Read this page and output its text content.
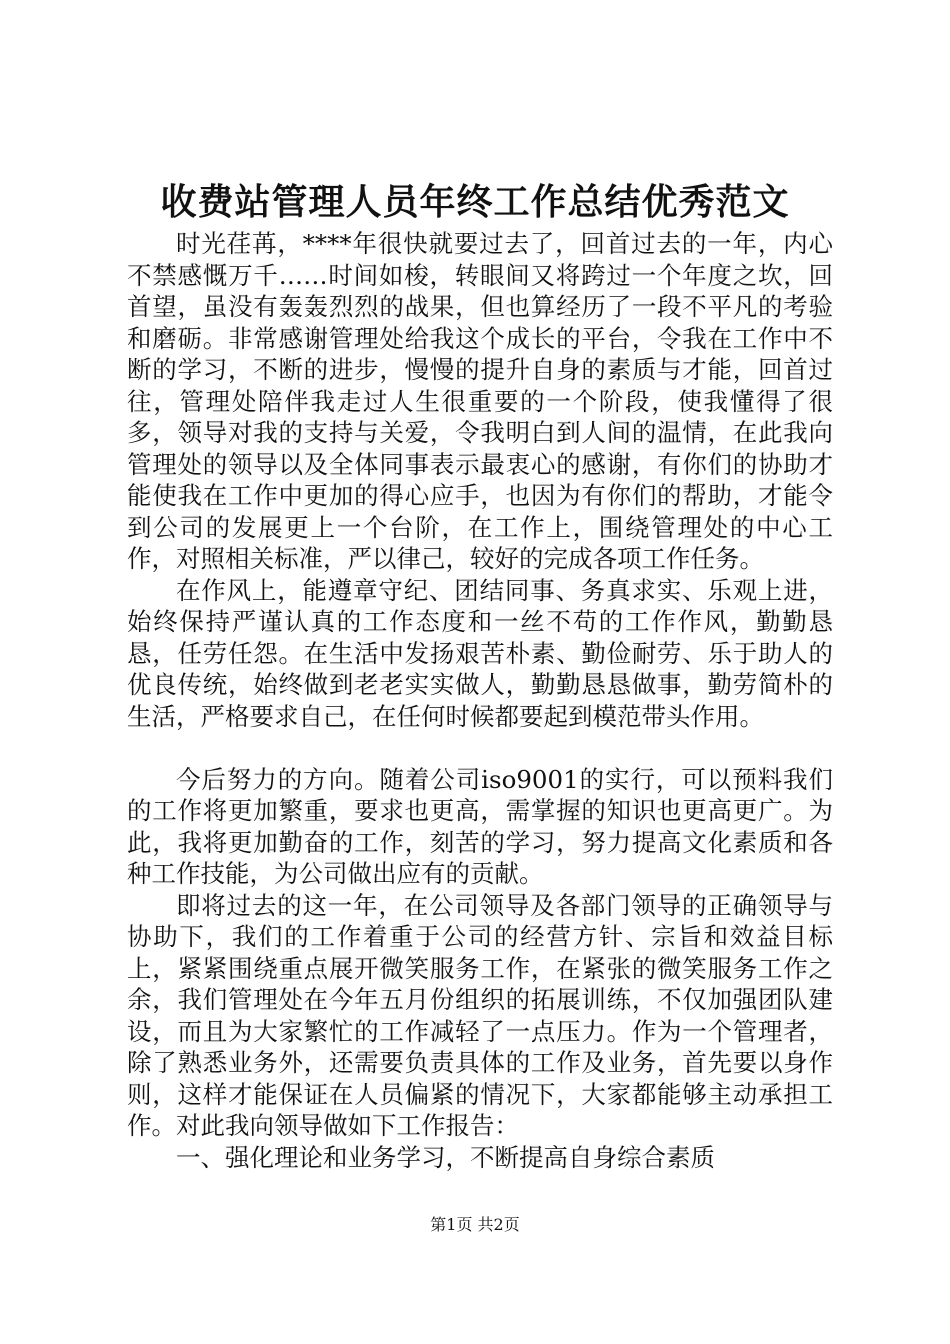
收费站管理人员年终工作总结优秀范文

时光荏苒，****年很快就要过去了，回首过去的一年，内心不禁感慨万千……时间如梭，转眼间又将跨过一个年度之坎，回首望，虽没有轰轰烈烈的战果，但也算经历了一段不平凡的考验和磨砺。非常感谢管理处给我这个成长的平台，令我在工作中不断的学习，不断的进步，慢慢的提升自身的素质与才能，回首过往，管理处陪伴我走过人生很重要的一个阶段，使我懂得了很多，领导对我的支持与关爱，令我明白到人间的温情，在此我向管理处的领导以及全体同事表示最衷心的感谢，有你们的协助才能使我在工作中更加的得心应手，也因为有你们的帮助，才能令到公司的发展更上一个台阶，在工作上，围绕管理处的中心工作，对照相关标准，严以律己，较好的完成各项工作任务。

在作风上，能遵章守纪、团结同事、务真求实、乐观上进，始终保持严谨认真的工作态度和一丝不苟的工作作风，勤勤恳恳，任劳任怨。在生活中发扬艰苦朴素、勤俭耐劳、乐于助人的优良传统，始终做到老老实实做人，勤勤恳恳做事，勤劳简朴的生活，严格要求自己，在任何时候都要起到模范带头作用。

今后努力的方向。随着公司iso9001的实行，可以预料我们的工作将更加繁重，要求也更高，需掌握的知识也更高更广。为此，我将更加勤奋的工作，刻苦的学习，努力提高文化素质和各种工作技能，为公司做出应有的贡献。

即将过去的这一年，在公司领导及各部门领导的正确领导与协助下，我们的工作着重于公司的经营方针、宗旨和效益目标上，紧紧围绕重点展开微笑服务工作，在紧张的微笑服务工作之余，我们管理处在今年五月份组织的拓展训练，不仅加强团队建设，而且为大家繁忙的工作减轻了一点压力。作为一个管理者，除了熟悉业务外，还需要负责具体的工作及业务，首先要以身作则，这样才能保证在人员偏紧的情况下，大家都能够主动承担工作。对此我向领导做如下工作报告：

一、强化理论和业务学习，不断提高自身综合素质

第1页 共2页
